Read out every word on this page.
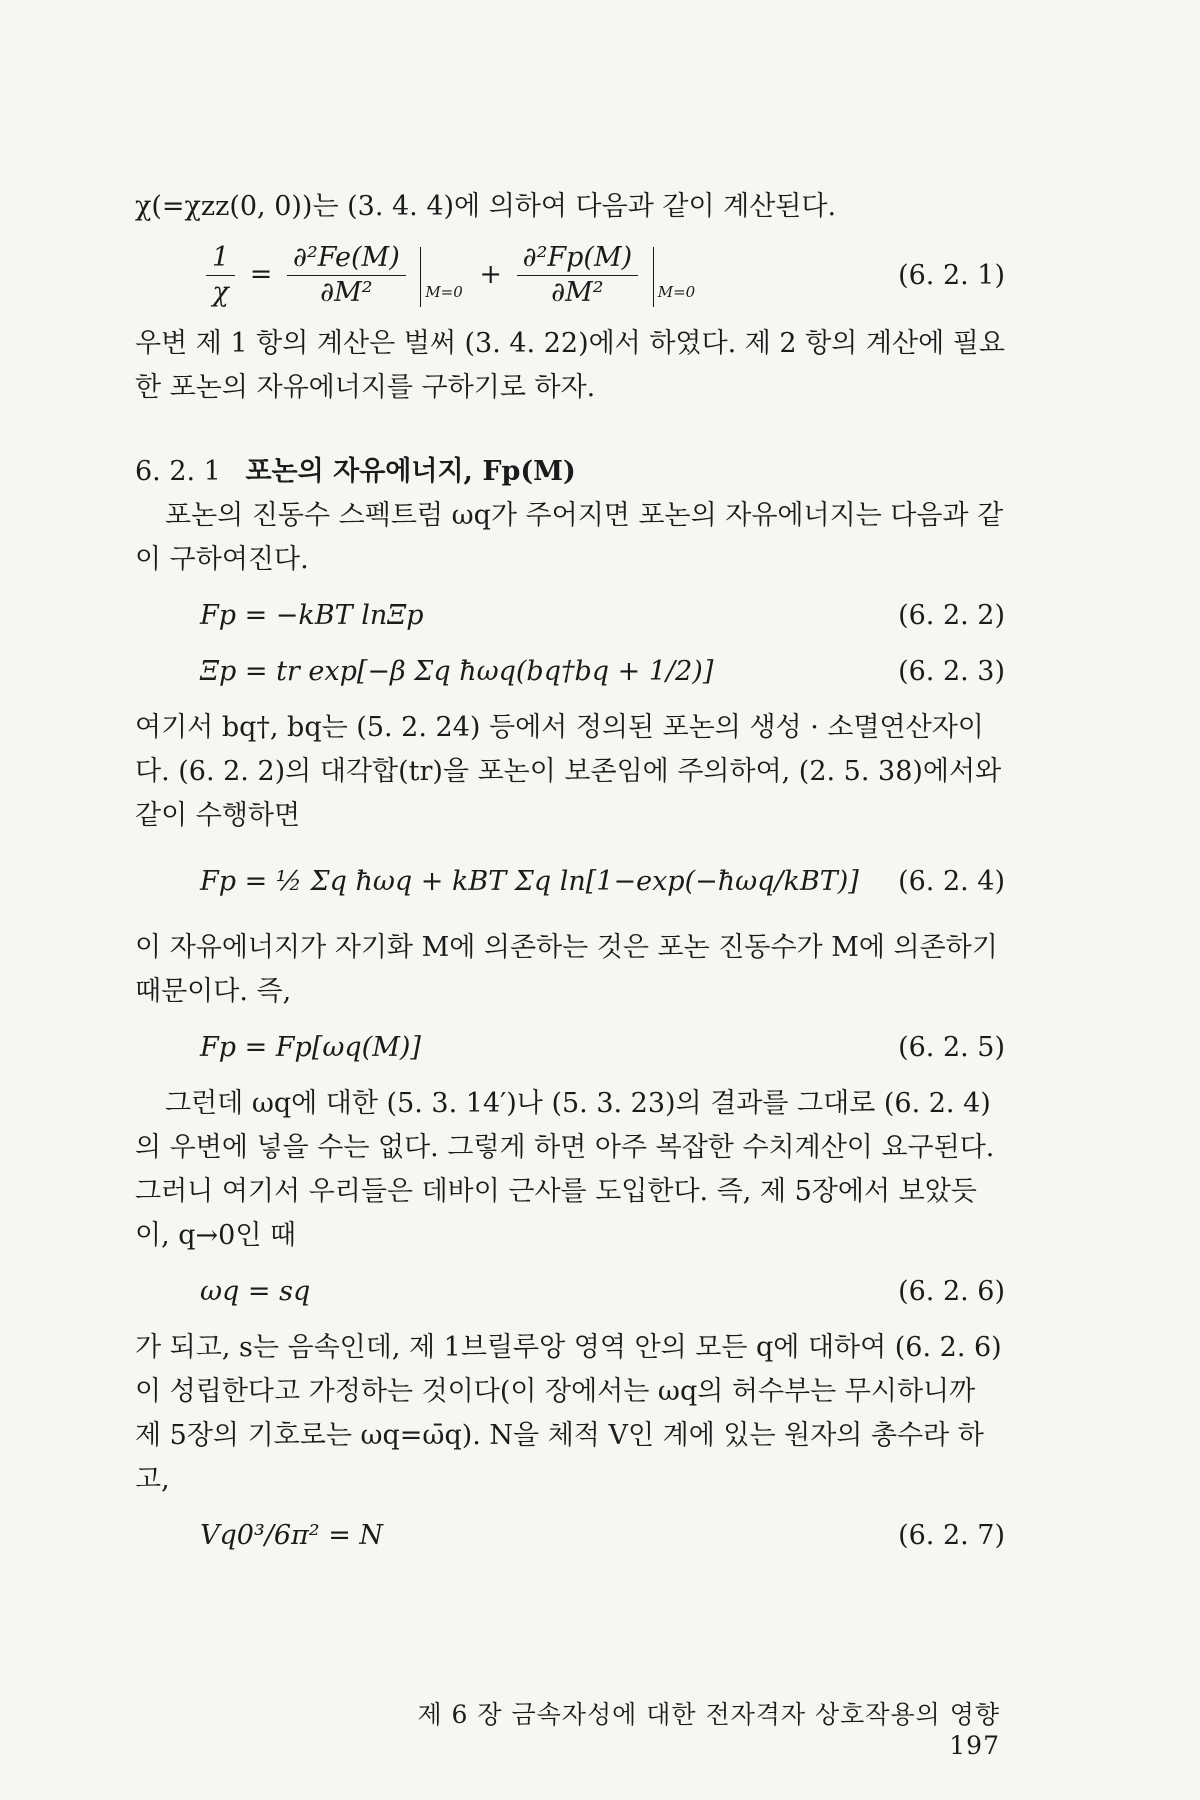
χ(=χzz(0, 0))는 (3. 4. 4)에 의하여 다음과 같이 계산된다.

$\frac{1}{\chi} = \frac{\text{∂²Fe(M)}}{\text{∂M²}} M=0 + \frac{\text{∂²Fp(M)}}{\text{∂M²}} M=0$
(6. 2. 1)

우변 제 1 항의 계산은 벌써 (3. 4. 22)에서 하였다. 제 2 항의 계산에 필요한 포논의 자유에너지를 구하기로 하자.

6. 2. 1 포논의 자유에너지, Fp(M)

포논의 진동수 스펙트럼 ωq가 주어지면 포논의 자유에너지는 다음과 같이 구하여진다.

Fp = −kBT lnΞp	(6. 2. 2)
Ξp = tr exp[−β Σq ħωq(bq†bq + 1/2)]	(6. 2. 3)

여기서 bq†, bq는 (5. 2. 24) 등에서 정의된 포논의 생성 · 소멸연산자이다. (6. 2. 2)의 대각합(tr)을 포논이 보존임에 주의하여, (2. 5. 38)에서와 같이 수행하면

Fp = ½ Σq ħωq + kBT Σq ln[1−exp(−ħωq/kBT)] (6. 2. 4)

이 자유에너지가 자기화 M에 의존하는 것은 포논 진동수가 M에 의존하기 때문이다. 즉,

Fp = Fp[ωq(M)]	(6. 2. 5)

그런데 ωq에 대한 (5. 3. 14′)나 (5. 3. 23)의 결과를 그대로 (6. 2. 4)의 우변에 넣을 수는 없다. 그렇게 하면 아주 복잡한 수치계산이 요구된다. 그러니 여기서 우리들은 데바이 근사를 도입한다. 즉, 제 5장에서 보았듯이, q→0인 때

ωq = sq	(6. 2. 6)

가 되고, s는 음속인데, 제 1브릴루앙 영역 안의 모든 q에 대하여 (6. 2. 6)이 성립한다고 가정하는 것이다(이 장에서는 ωq의 허수부는 무시하니까 제 5장의 기호로는 ωq=ω̄q). N을 체적 V인 계에 있는 원자의 총수라 하고,

Vq0³/6π² = N	(6. 2. 7)
제 6 장 금속자성에 대한 전자격자 상호작용의 영향 197
